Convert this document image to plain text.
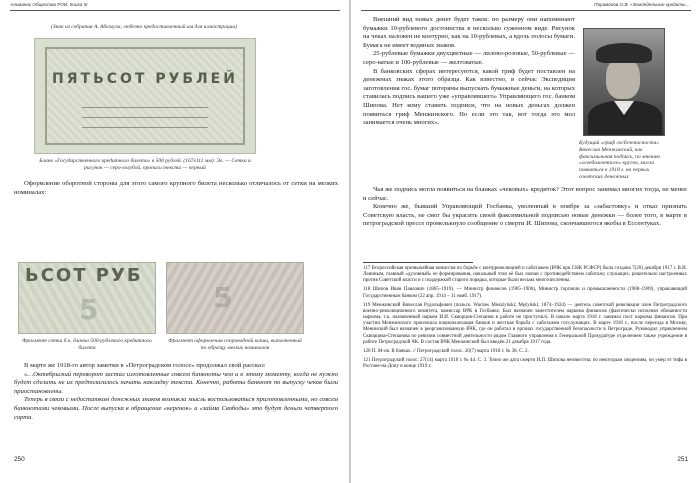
Альманах Общества РОИ. Книга III
(Знак из собрания А. Абезауза, любезно предоставленный им для иллюстрации)
ПЯТЬСОТ РУБЛЕЙ
Бланк «Государственного кредитного билета» в 500 рублей. (167х111 мм). Эл. — Сетка и рисунок — серо-голубой, прописи текста — черный

Оформление оборотной стороны для этого самого крупного билета несколько отличалось от сетки на мелких номиналах:

ЬСОТ РУБ
5	5
Фрагмент сетки б.к. бланка 500-рублевого кредитного билета
Фрагмент оформления сопроводной копии, выполненный по образцу мелких номиналов

В марте же 1918-го автор заметки в «Петроградском голосе» продолжал свой рассказ:

«…Октябрьский переворот застал изготовленные совсем банкноты чем и к этому моменту, когда не нужно будет сделать не их предполагалось начать накладку текста. Конечно, работы банкнот по выпуску чеков были приостановлены.

Теперь в связи с недостатком денежных знаков возникла мысль воспользоваться приготовленными, но совсем банкнотами чековыми. После выпуска в обращение «керенок» и «займа Свободы» это будут деньги четвертого сорта.

250
Парамонов О.В. «Земледельные кредиты…

Внешний вид новых денег будет таков: по размеру они напоминают бумажки 10-рублевого достоинства в несколько суженном виде. Рисунок на чеках наложен не контурно, как на 10-рублевых, а вдоль полосы бумаги. Бумага не имеет водяных знаков.

25-рублевые бумажки двухцветные — лилово-розовые, 50-рублевые — серо-ватые и 100-рублевые — желтоватые.

В банковских сферах интересуются, какой гриф будет поставлен на денежных знаках этого образца. Как известно, в сейчас Экспедиция заготовления гос. бумаг потеряны выпускать бумажные деньги, на которых ставилась подпись вашего уже «управлявшего» Управляющего гос. банком Шипова. Нет кому ставить подписи, что на новых деньгах должен появиться гриф Менжинского. Но если это так, вот тогда это мол занимается очень многих».

Будущий «гриф госбезопасности» Вячеслав Менжинский, как факсимильная подпись, по мнению «осведомленного» кругов, могла появиться в 1918 г. на первых советских денежных

Чья же подпись могла появиться на бланках «чековых» кредиток? Этот вопрос занимал многих тогда, не менее и сейчас.

Конечно же, бывший Управляющий Госбанка, уволенный в ноябре за «забастовку» и отказ признать Советскую власть, не смог бы украсить своей факсимильной подписью новые денежки — более того, в марте в петроградской прессе промелькнуло сообщение о смерти И. Шипова, скончавшегося якобы в Ессентуках.

117 Всероссийская чрезвычайная комиссия по борьбе с контрреволюцией и саботажем (ВЧК при СНК РСФСР) была создана 7(20) декабря 1917 г. В.И. Лениным, главный «духовный» ее формирования, начальный этап её был связан с противодействием саботажу служащих, решительно настроенных против Советской власти и с поддержкой старого порядка, которые были весьма многочисленны.

118 Шипов Иван Павлович (1865–1919). — Министр финансов (1905–1906), Министр торговли и промышленности (1908–1909), управляющий Государственным банком (22 апр. 1914 – 11 нояб. 1917).

119 Менжинский Вячеслав Рудольфович (польск. Wacław Mienżyński; Mężyński; 1874–1934) — деятель советской революции член Петроградского военно-революционного комитета, комиссар ВРК в Госбанке. Был назначен заместителем наркома финансов (фактически исполнял обязанности наркома, т.к. назначенный нарком И.И. Скворцов-Степанов в работе не приступил). В начале марта 1918 г. занимал пост наркома финансов. При участии Менжинского произошла национализация банков и жесткая борьба с саботажем госслужащих. В марте 1918 г., после переезда в Москву, Менинский был назначен в реорганизованную ВЧК, где он работал в органах государственной безопасности в Петрограде. Руководил управлением Скворцова-Степанова по ревизии совместной деятельности рядом Главного управления к Генеральной Прокуратуре отделением также учреждение в работе Петроградской ЧК. В состав ВЧК Менжинский был введён 21 декабря 1917 года.

120 П. М-ов. В банках. // Петроградский голос. 20(7) марта 1918 г. № 38. С. 2.

121 Петроградский голос. 27(14) марта 1918 г. № 44. С. 3. Точно же дата смерти И.П. Шипова неизвестна; по некоторым сведениям, он умер от тифа в Ростове-на-Дону в конце 1919 г.

251
